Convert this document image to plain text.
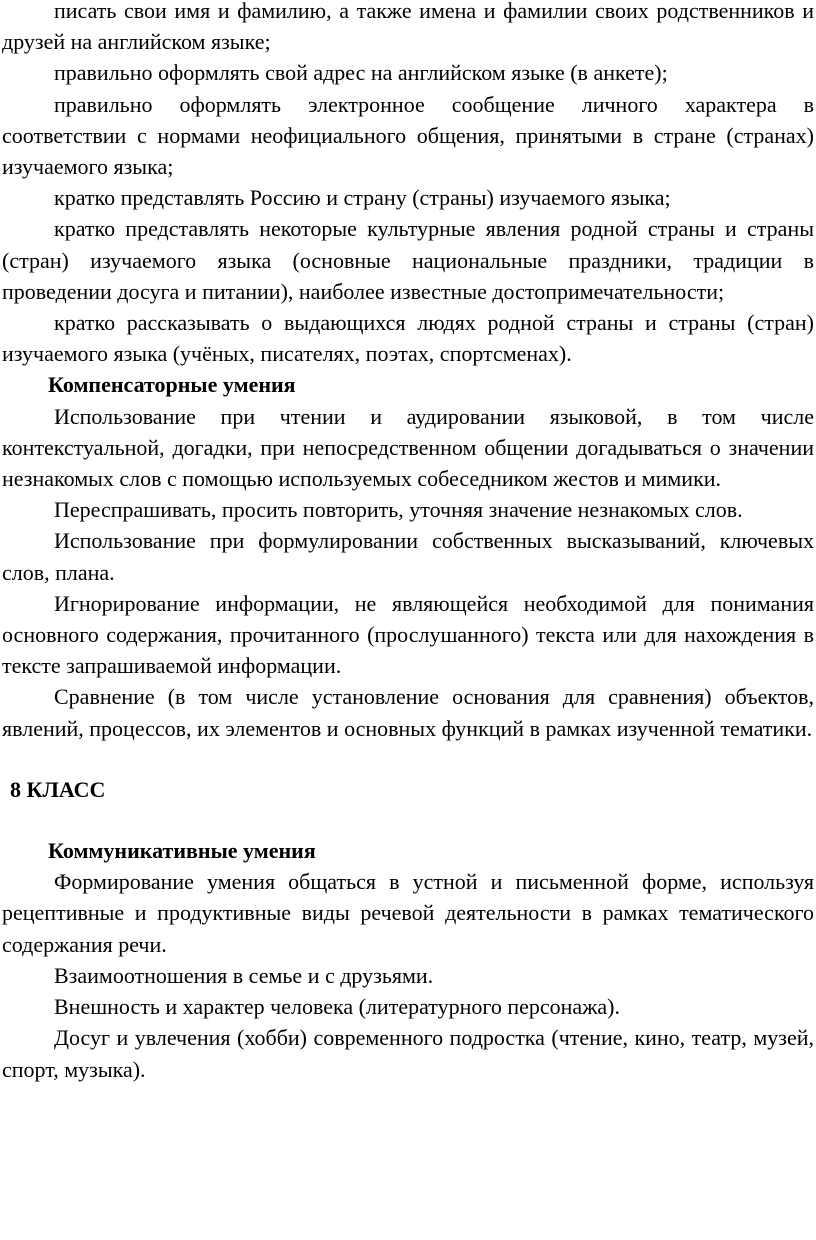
писать свои имя и фамилию, а также имена и фамилии своих родственников и друзей на английском языке;

правильно оформлять свой адрес на английском языке (в анкете);

правильно оформлять электронное сообщение личного характера в соответствии с нормами неофициального общения, принятыми в стране (странах) изучаемого языка;

кратко представлять Россию и страну (страны) изучаемого языка;

кратко представлять некоторые культурные явления родной страны и страны (стран) изучаемого языка (основные национальные праздники, традиции в проведении досуга и питании), наиболее известные достопримечательности;

кратко рассказывать о выдающихся людях родной страны и страны (стран) изучаемого языка (учёных, писателях, поэтах, спортсменах).

Компенсаторные умения

Использование при чтении и аудировании языковой, в том числе контекстуальной, догадки, при непосредственном общении догадываться о значении незнакомых слов с помощью используемых собеседником жестов и мимики.

Переспрашивать, просить повторить, уточняя значение незнакомых слов.

Использование при формулировании собственных высказываний, ключевых слов, плана.

Игнорирование информации, не являющейся необходимой для понимания основного содержания, прочитанного (прослушанного) текста или для нахождения в тексте запрашиваемой информации.

Сравнение (в том числе установление основания для сравнения) объектов, явлений, процессов, их элементов и основных функций в рамках изученной тематики.

8 КЛАСС

Коммуникативные умения

Формирование умения общаться в устной и письменной форме, используя рецептивные и продуктивные виды речевой деятельности в рамках тематического содержания речи.

Взаимоотношения в семье и с друзьями.

Внешность и характер человека (литературного персонажа).

Досуг и увлечения (хобби) современного подростка (чтение, кино, театр, музей, спорт, музыка).
